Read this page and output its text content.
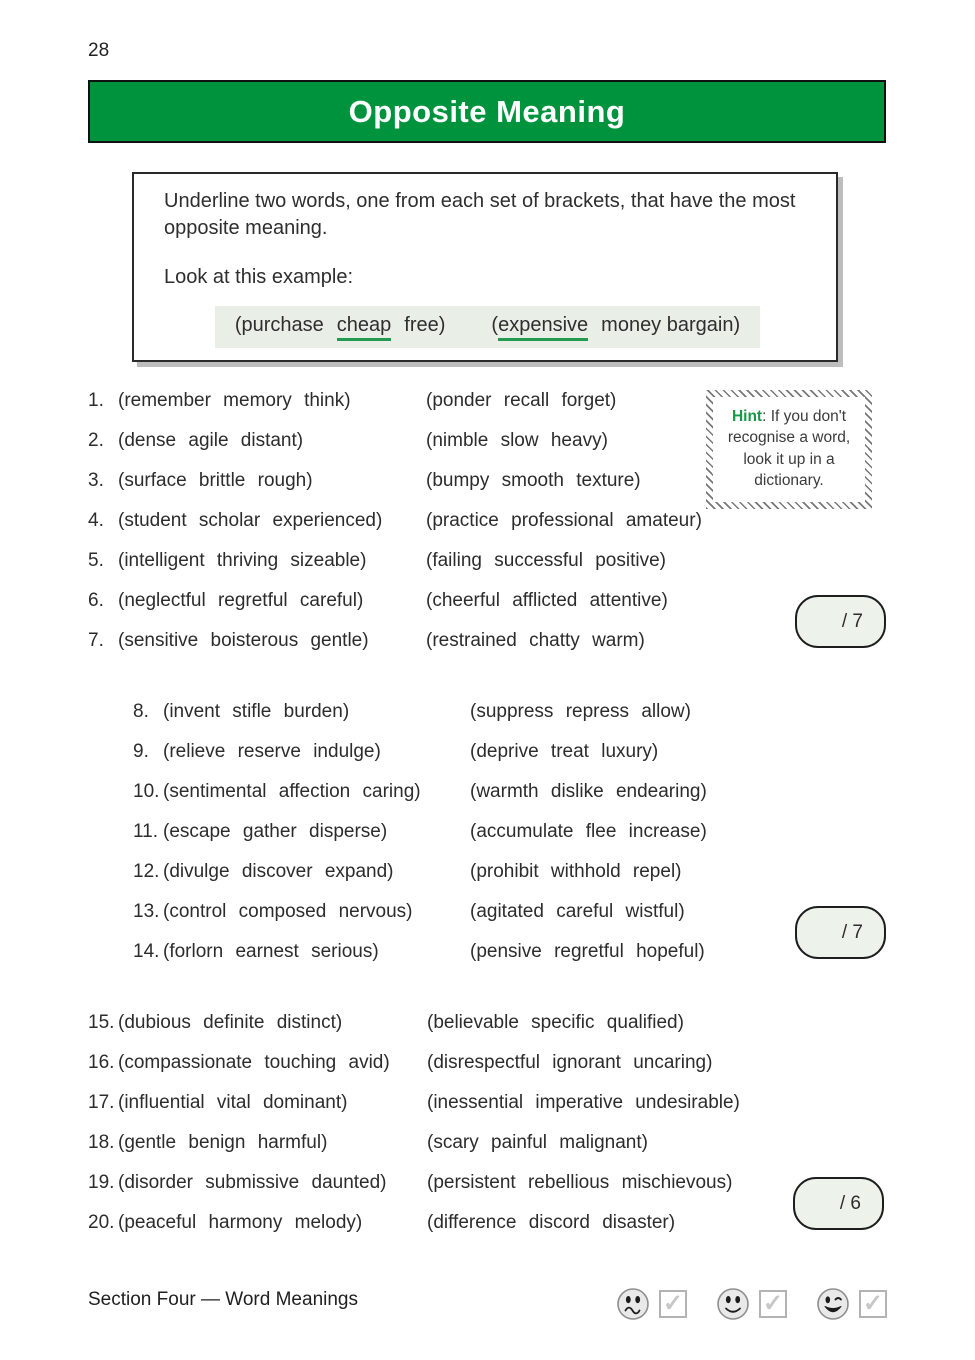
28
Opposite Meaning
Underline two words, one from each set of brackets, that have the most opposite meaning.
Look at this example:
(purchase cheap free) (expensive money bargain)
Hint: If you don't recognise a word, look it up in a dictionary.
1. (remember memory think)	(ponder recall forget)
2. (dense agile distant)	(nimble slow heavy)
3. (surface brittle rough)	(bumpy smooth texture)
4. (student scholar experienced) (practice professional amateur)
5. (intelligent thriving sizeable)	(failing successful positive)
6. (neglectful regretful careful)	(cheerful afflicted attentive)
7. (sensitive boisterous gentle)	(restrained chatty warm)
8. (invent stifle burden)	(suppress repress allow)
9. (relieve reserve indulge)	(deprive treat luxury)
10. (sentimental affection caring)	(warmth dislike endearing)
11. (escape gather disperse)	(accumulate flee increase)
12. (divulge discover expand)	(prohibit withhold repel)
13. (control composed nervous)	(agitated careful wistful)
14. (forlorn earnest serious)	(pensive regretful hopeful)
15. (dubious definite distinct)	(believable specific qualified)
16. (compassionate touching avid) (disrespectful ignorant uncaring)
17. (influential vital dominant)	(inessential imperative undesirable)
18. (gentle benign harmful)	(scary painful malignant)
19. (disorder submissive daunted) (persistent rebellious mischievous)
20. (peaceful harmony melody)	(difference discord disaster)
/ 7
/ 7
/ 6
Section Four — Word Meanings	✓	✓	✓
